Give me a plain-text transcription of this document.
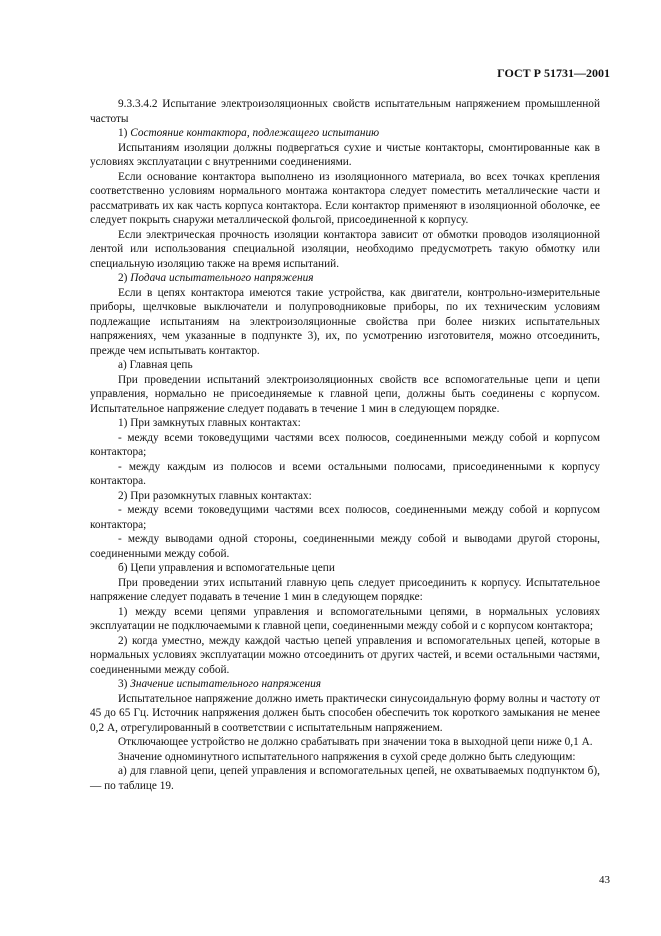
ГОСТ Р 51731—2001

9.3.3.4.2 Испытание электроизоляционных свойств испытательным напряжением промышленной частоты

1) Состояние контактора, подлежащего испытанию

Испытаниям изоляции должны подвергаться сухие и чистые контакторы, смонтированные как в условиях эксплуатации с внутренними соединениями.

Если основание контактора выполнено из изоляционного материала, во всех точках крепления соответственно условиям нормального монтажа контактора следует поместить металлические части и рассматривать их как часть корпуса контактора. Если контактор применяют в изоляционной оболочке, ее следует покрыть снаружи металлической фольгой, присоединенной к корпусу.

Если электрическая прочность изоляции контактора зависит от обмотки проводов изоляционной лентой или использования специальной изоляции, необходимо предусмотреть такую обмотку или специальную изоляцию также на время испытаний.

2) Подача испытательного напряжения

Если в цепях контактора имеются такие устройства, как двигатели, контрольно-измерительные приборы, щелчковые выключатели и полупроводниковые приборы, по их техническим условиям подлежащие испытаниям на электроизоляционные свойства при более низких испытательных напряжениях, чем указанные в подпункте 3), их, по усмотрению изготовителя, можно отсоединить, прежде чем испытывать контактор.

а) Главная цепь

При проведении испытаний электроизоляционных свойств все вспомогательные цепи и цепи управления, нормально не присоединяемые к главной цепи, должны быть соединены с корпусом. Испытательное напряжение следует подавать в течение 1 мин в следующем порядке.

1) При замкнутых главных контактах:

- между всеми токоведущими частями всех полюсов, соединенными между собой и корпусом контактора;

- между каждым из полюсов и всеми остальными полюсами, присоединенными к корпусу контактора.

2) При разомкнутых главных контактах:

- между всеми токоведущими частями всех полюсов, соединенными между собой и корпусом контактора;

- между выводами одной стороны, соединенными между собой и выводами другой стороны, соединенными между собой.

б) Цепи управления и вспомогательные цепи

При проведении этих испытаний главную цепь следует присоединить к корпусу. Испытательное напряжение следует подавать в течение 1 мин в следующем порядке:

1) между всеми цепями управления и вспомогательными цепями, в нормальных условиях эксплуатации не подключаемыми к главной цепи, соединенными между собой и с корпусом контактора;

2) когда уместно, между каждой частью цепей управления и вспомогательных цепей, которые в нормальных условиях эксплуатации можно отсоединить от других частей, и всеми остальными частями, соединенными между собой.

3) Значение испытательного напряжения

Испытательное напряжение должно иметь практически синусоидальную форму волны и частоту от 45 до 65 Гц. Источник напряжения должен быть способен обеспечить ток короткого замыкания не менее 0,2 А, отрегулированный в соответствии с испытательным напряжением.

Отключающее устройство не должно срабатывать при значении тока в выходной цепи ниже 0,1 А.

Значение одноминутного испытательного напряжения в сухой среде должно быть следующим:

а) для главной цепи, цепей управления и вспомогательных цепей, не охватываемых подпунктом б), — по таблице 19.

43
